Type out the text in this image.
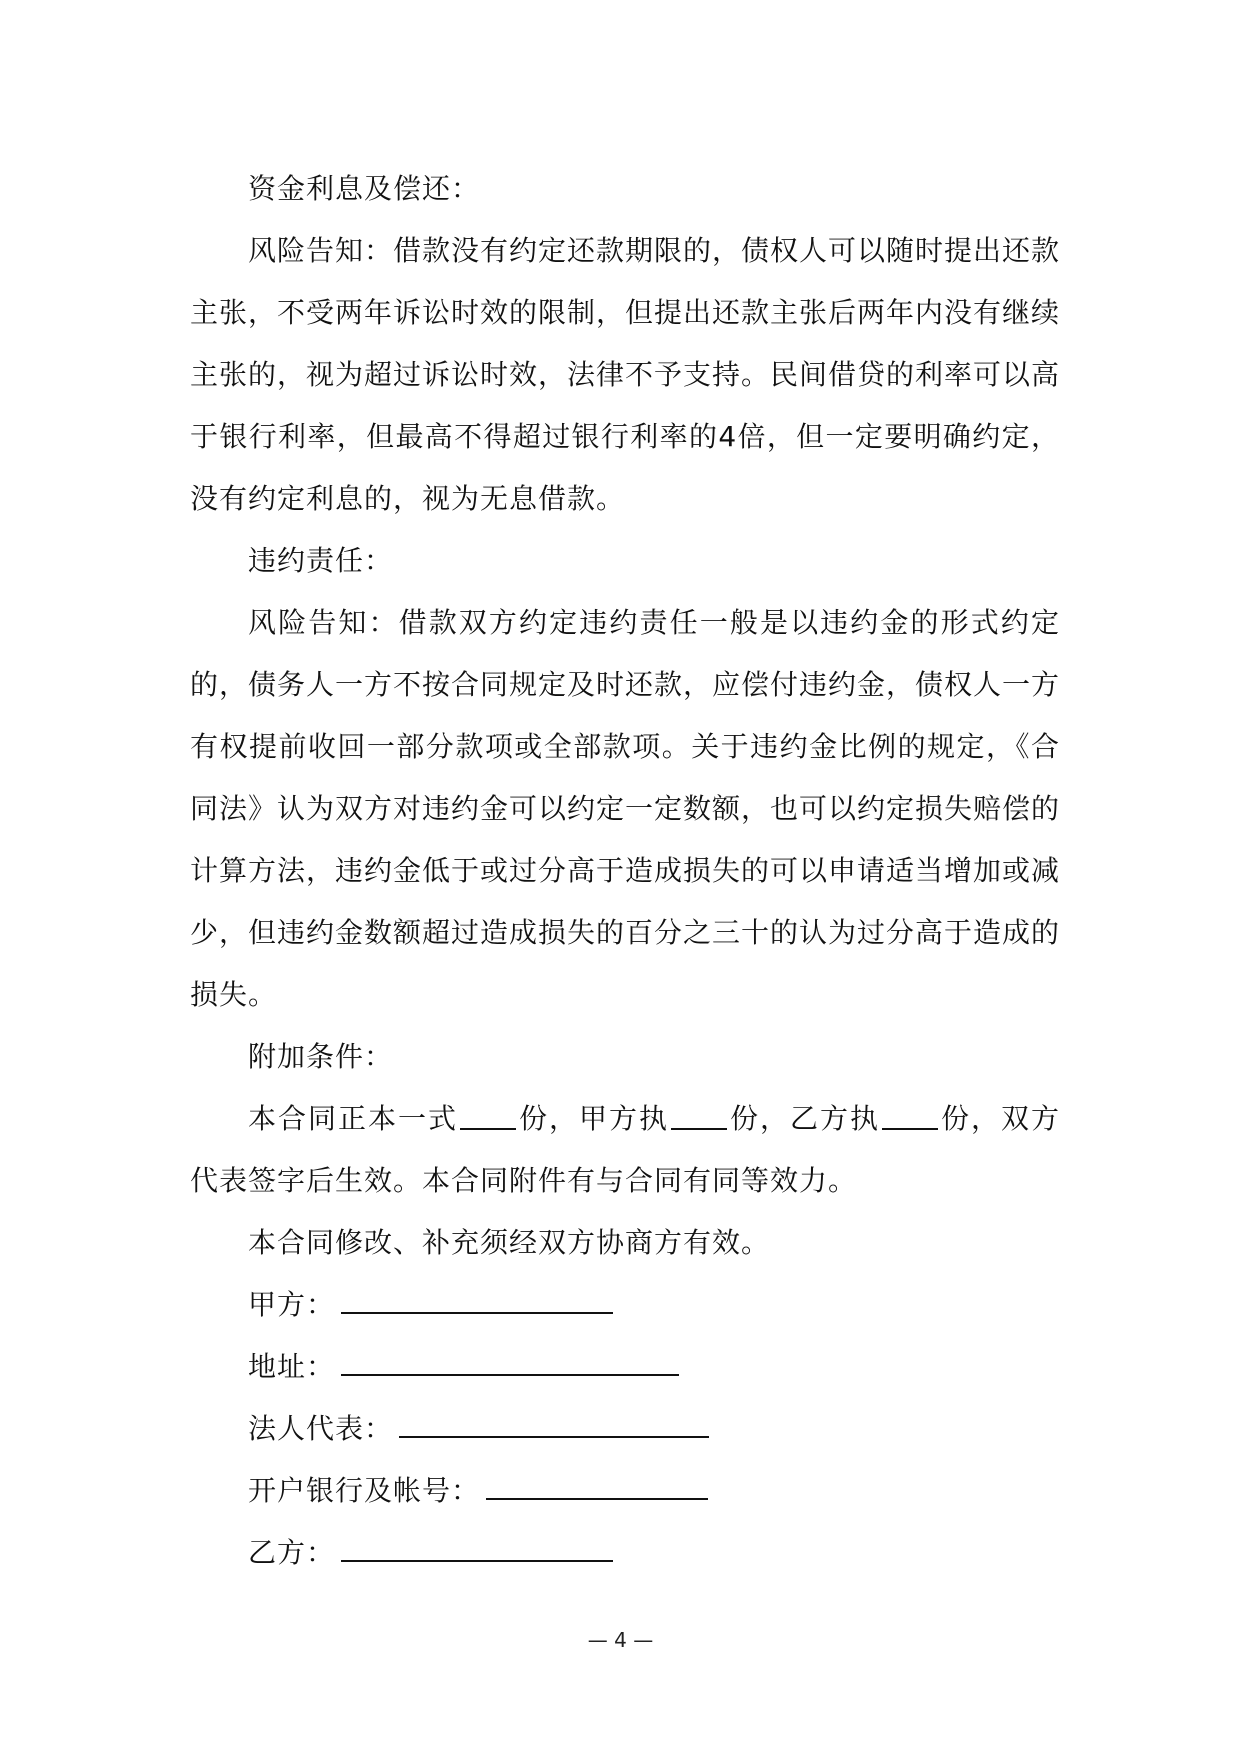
资金利息及偿还：

风险告知：借款没有约定还款期限的，债权人可以随时提出还款主张，不受两年诉讼时效的限制，但提出还款主张后两年内没有继续主张的，视为超过诉讼时效，法律不予支持。民间借贷的利率可以高于银行利率，但最高不得超过银行利率的4倍，但一定要明确约定，没有约定利息的，视为无息借款。

违约责任：

风险告知：借款双方约定违约责任一般是以违约金的形式约定的，债务人一方不按合同规定及时还款，应偿付违约金，债权人一方有权提前收回一部分款项或全部款项。关于违约金比例的规定，《合同法》认为双方对违约金可以约定一定数额，也可以约定损失赔偿的计算方法，违约金低于或过分高于造成损失的可以申请适当增加或减少，但违约金数额超过造成损失的百分之三十的认为过分高于造成的损失。

附加条件：

本合同正本一式 份，甲方执 份，乙方执 份，双方代表签字后生效。本合同附件有与合同有同等效力。

本合同修改、补充须经双方协商方有效。

甲方：
地址：
法人代表：
开户银行及帐号：
乙方：
— 4 —
